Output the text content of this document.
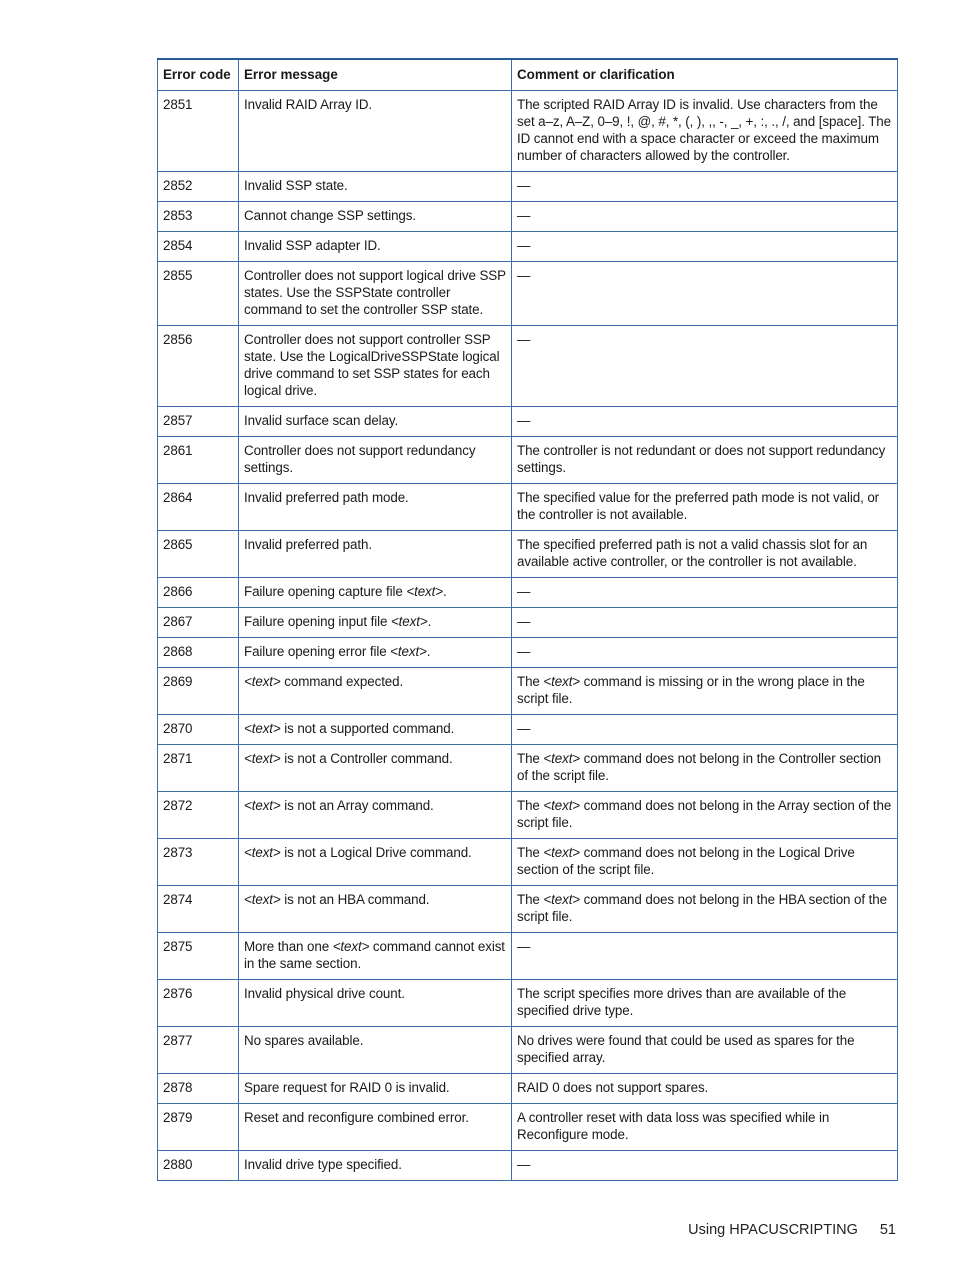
Error code	Error message	Comment or clarification
2851	Invalid RAID Array ID.	The scripted RAID Array ID is invalid. Use characters from the set a–z, A–Z, 0–9, !, @, #, *, (, ), ,, -, _, +, :, ., /, and [space]. The ID cannot end with a space character or exceed the maximum number of characters allowed by the controller.
2852	Invalid SSP state.	—
2853	Cannot change SSP settings.	—
2854	Invalid SSP adapter ID.	—
2855	Controller does not support logical drive SSP states. Use the SSPState controller command to set the controller SSP state.	—
2856	Controller does not support controller SSP state. Use the LogicalDriveSSPState logical drive command to set SSP states for each logical drive.	—
2857	Invalid surface scan delay.	—
2861	Controller does not support redundancy settings.	The controller is not redundant or does not support redundancy settings.
2864	Invalid preferred path mode.	The specified value for the preferred path mode is not valid, or the controller is not available.
2865	Invalid preferred path.	The specified preferred path is not a valid chassis slot for an available active controller, or the controller is not available.
2866	Failure opening capture file <text>.	—
2867	Failure opening input file <text>.	—
2868	Failure opening error file <text>.	—
2869	<text> command expected.	The <text> command is missing or in the wrong place in the script file.
2870	<text> is not a supported command.	—
2871	<text> is not a Controller command.	The <text> command does not belong in the Controller section of the script file.
2872	<text> is not an Array command.	The <text> command does not belong in the Array section of the script file.
2873	<text> is not a Logical Drive command.	The <text> command does not belong in the Logical Drive section of the script file.
2874	<text> is not an HBA command.	The <text> command does not belong in the HBA section of the script file.
2875	More than one <text> command cannot exist in the same section.	—
2876	Invalid physical drive count.	The script specifies more drives than are available of the specified drive type.
2877	No spares available.	No drives were found that could be used as spares for the specified array.
2878	Spare request for RAID 0 is invalid.	RAID 0 does not support spares.
2879	Reset and reconfigure combined error.	A controller reset with data loss was specified while in Reconfigure mode.
2880	Invalid drive type specified.	—
Using HPACUSCRIPTING 51
